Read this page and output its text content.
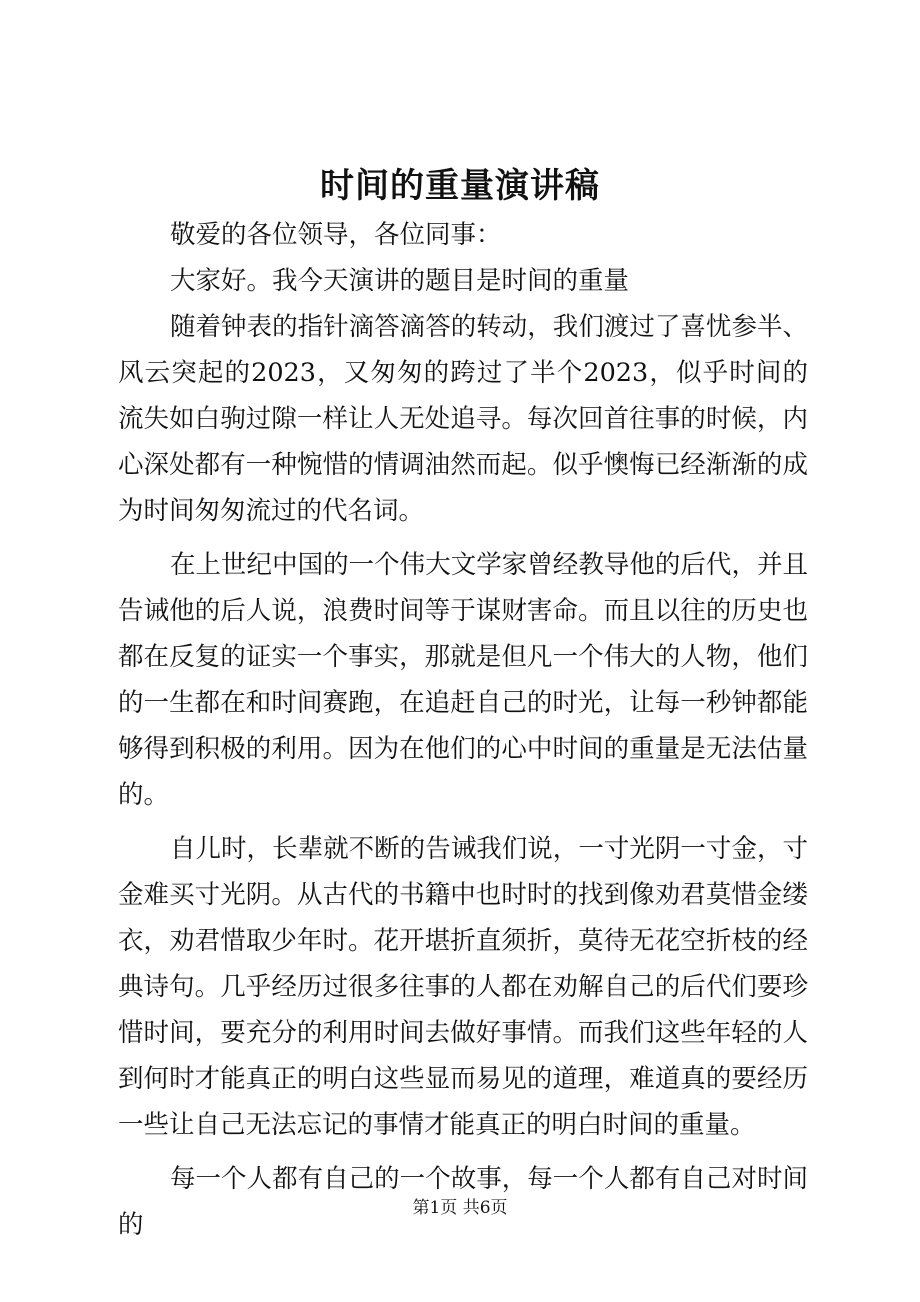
时间的重量演讲稿

敬爱的各位领导，各位同事：

大家好。我今天演讲的题目是时间的重量

随着钟表的指针滴答滴答的转动，我们渡过了喜忧参半、风云突起的2023，又匆匆的跨过了半个2023，似乎时间的流失如白驹过隙一样让人无处追寻。每次回首往事的时候，内心深处都有一种惋惜的情调油然而起。似乎懊悔已经渐渐的成为时间匆匆流过的代名词。

在上世纪中国的一个伟大文学家曾经教导他的后代，并且告诫他的后人说，浪费时间等于谋财害命。而且以往的历史也都在反复的证实一个事实，那就是但凡一个伟大的人物，他们的一生都在和时间赛跑，在追赶自己的时光，让每一秒钟都能够得到积极的利用。因为在他们的心中时间的重量是无法估量的。

自儿时，长辈就不断的告诫我们说，一寸光阴一寸金，寸金难买寸光阴。从古代的书籍中也时时的找到像劝君莫惜金缕衣，劝君惜取少年时。花开堪折直须折，莫待无花空折枝的经典诗句。几乎经历过很多往事的人都在劝解自己的后代们要珍惜时间，要充分的利用时间去做好事情。而我们这些年轻的人到何时才能真正的明白这些显而易见的道理，难道真的要经历一些让自己无法忘记的事情才能真正的明白时间的重量。

每一个人都有自己的一个故事，每一个人都有自己对时间的

第1页 共6页
